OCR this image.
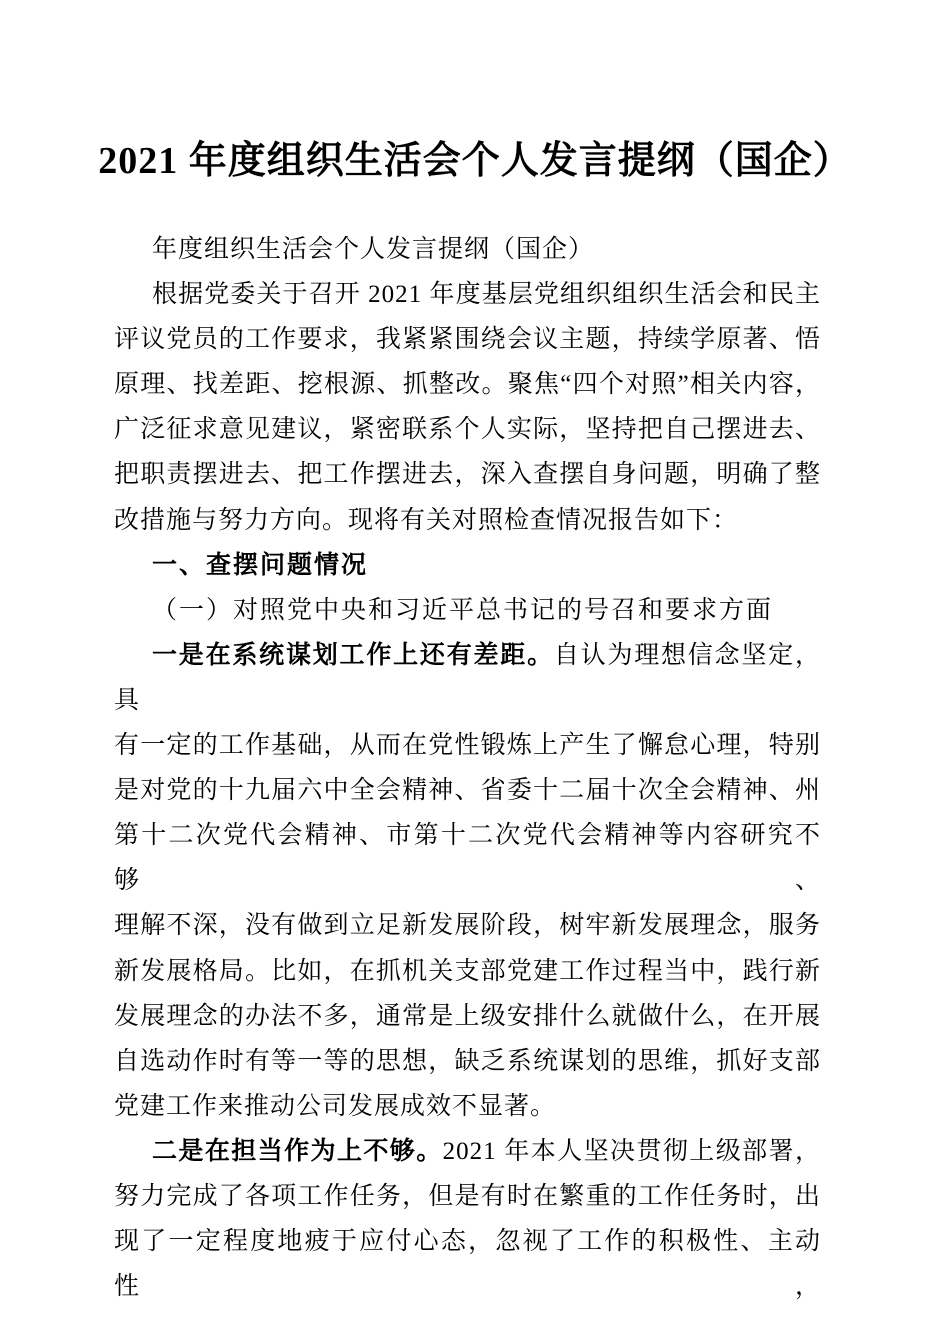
2021 年度组织生活会个人发言提纲（国企）
年度组织生活会个人发言提纲（国企）
根据党委关于召开 2021 年度基层党组织组织生活会和民主
评议党员的工作要求，我紧紧围绕会议主题，持续学原著、悟
原理、找差距、挖根源、抓整改。聚焦“四个对照”相关内容，
广泛征求意见建议，紧密联系个人实际，坚持把自己摆进去、
把职责摆进去、把工作摆进去，深入查摆自身问题，明确了整
改措施与努力方向。现将有关对照检查情况报告如下：
一、查摆问题情况
（一）对照党中央和习近平总书记的号召和要求方面
一是在系统谋划工作上还有差距。自认为理想信念坚定，具
有一定的工作基础，从而在党性锻炼上产生了懈怠心理，特别
是对党的十九届六中全会精神、省委十二届十次全会精神、州
第十二次党代会精神、市第十二次党代会精神等内容研究不够、
理解不深，没有做到立足新发展阶段，树牢新发展理念，服务
新发展格局。比如，在抓机关支部党建工作过程当中，践行新
发展理念的办法不多，通常是上级安排什么就做什么，在开展
自选动作时有等一等的思想，缺乏系统谋划的思维，抓好支部
党建工作来推动公司发展成效不显著。
二是在担当作为上不够。2021 年本人坚决贯彻上级部署，
努力完成了各项工作任务，但是有时在繁重的工作任务时，出
现了一定程度地疲于应付心态，忽视了工作的积极性、主动性，
